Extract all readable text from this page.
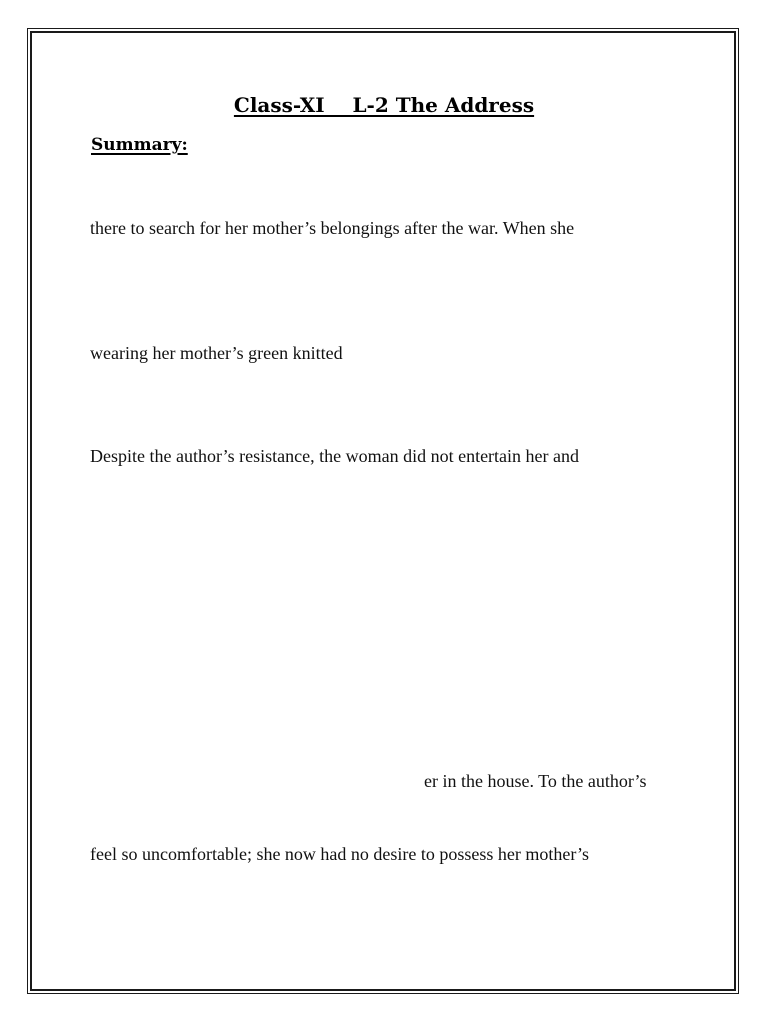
Class-XI    L-2 The Address
Summary:
there to search for her mother’s belongings after the war. When she
wearing her mother’s green knitted
Despite the author’s resistance, the woman did not entertain her and
er in the house. To the author’s
feel so uncomfortable; she now had no desire to possess her mother’s
